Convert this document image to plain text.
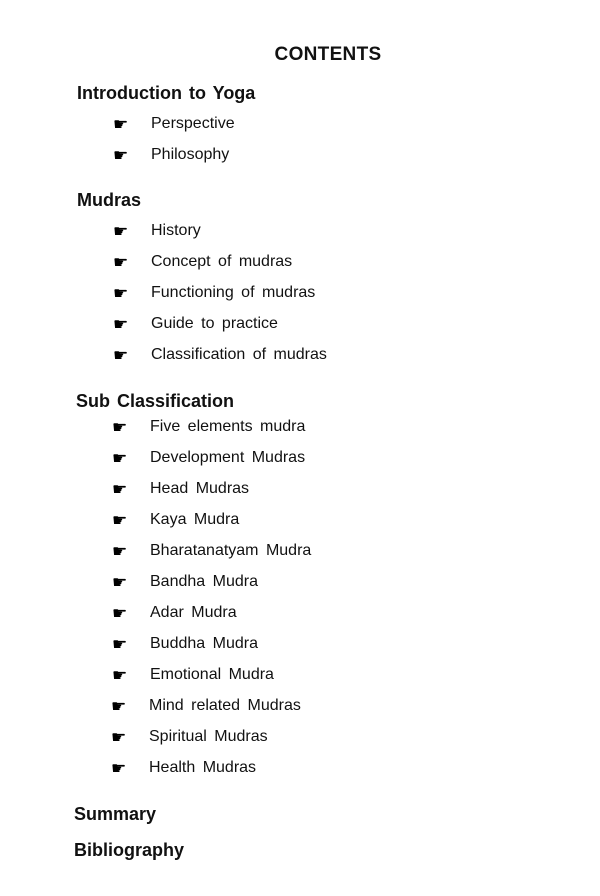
CONTENTS
Introduction to Yoga
☛	Perspective
☛	Philosophy
Mudras
☛	History
☛	Concept of mudras
☛	Functioning of mudras
☛	Guide to practice
☛	Classification of mudras
Sub Classification
☛	Five elements mudra
☛	Development Mudras
☛	Head Mudras
☛	Kaya Mudra
☛	Bharatanatyam Mudra
☛	Bandha Mudra
☛	Adar Mudra
☛	Buddha Mudra
☛	Emotional Mudra
☛	Mind related Mudras
☛	Spiritual Mudras
☛	Health Mudras
Summary
Bibliography
